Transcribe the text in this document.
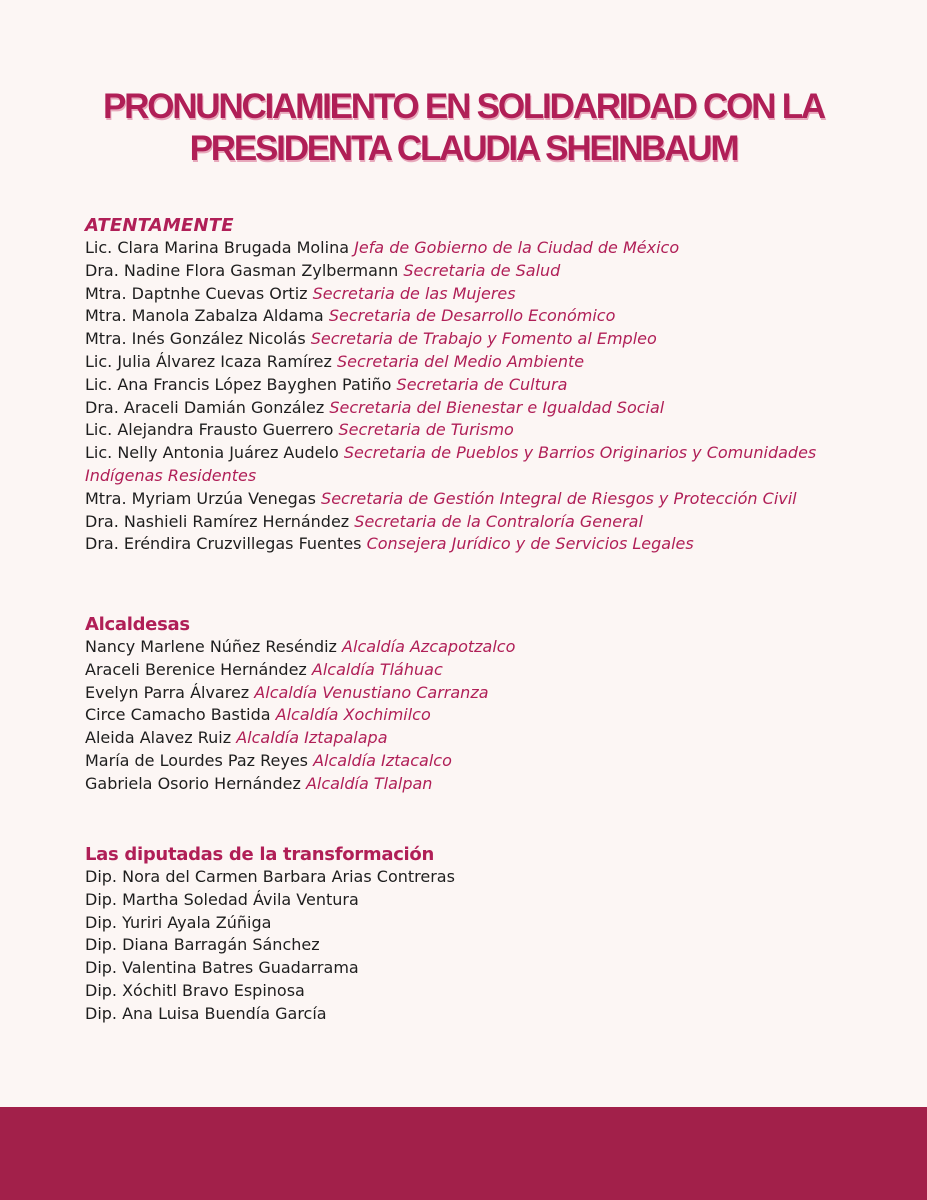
PRONUNCIAMIENTO EN SOLIDARIDAD CON LA
PRESIDENTA CLAUDIA SHEINBAUM
ATENTAMENTE
Lic. Clara Marina Brugada Molina Jefa de Gobierno de la Ciudad de México
Dra. Nadine Flora Gasman Zylbermann Secretaria de Salud
Mtra. Daptnhe Cuevas Ortiz Secretaria de las Mujeres
Mtra. Manola Zabalza Aldama Secretaria de Desarrollo Económico
Mtra. Inés González Nicolás Secretaria de Trabajo y Fomento al Empleo
Lic. Julia Álvarez Icaza Ramírez Secretaria del Medio Ambiente
Lic. Ana Francis López Bayghen Patiño Secretaria de Cultura
Dra. Araceli Damián González Secretaria del Bienestar e Igualdad Social
Lic. Alejandra Frausto Guerrero Secretaria de Turismo
Lic. Nelly Antonia Juárez Audelo Secretaria de Pueblos y Barrios Originarios y Comunidades Indígenas Residentes
Mtra. Myriam Urzúa Venegas Secretaria de Gestión Integral de Riesgos y Protección Civil
Dra. Nashieli Ramírez Hernández Secretaria de la Contraloría General
Dra. Eréndira Cruzvillegas Fuentes Consejera Jurídico y de Servicios Legales
Alcaldesas
Nancy Marlene Núñez Reséndiz Alcaldía Azcapotzalco
Araceli Berenice Hernández Alcaldía Tláhuac
Evelyn Parra Álvarez Alcaldía Venustiano Carranza
Circe Camacho Bastida Alcaldía Xochimilco
Aleida Alavez Ruiz Alcaldía Iztapalapa
María de Lourdes Paz Reyes Alcaldía Iztacalco
Gabriela Osorio Hernández Alcaldía Tlalpan
Las diputadas de la transformación
Dip. Nora del Carmen Barbara Arias Contreras
Dip. Martha Soledad Ávila Ventura
Dip. Yuriri Ayala Zúñiga
Dip. Diana Barragán Sánchez
Dip. Valentina Batres Guadarrama
Dip. Xóchitl Bravo Espinosa
Dip. Ana Luisa Buendía García
